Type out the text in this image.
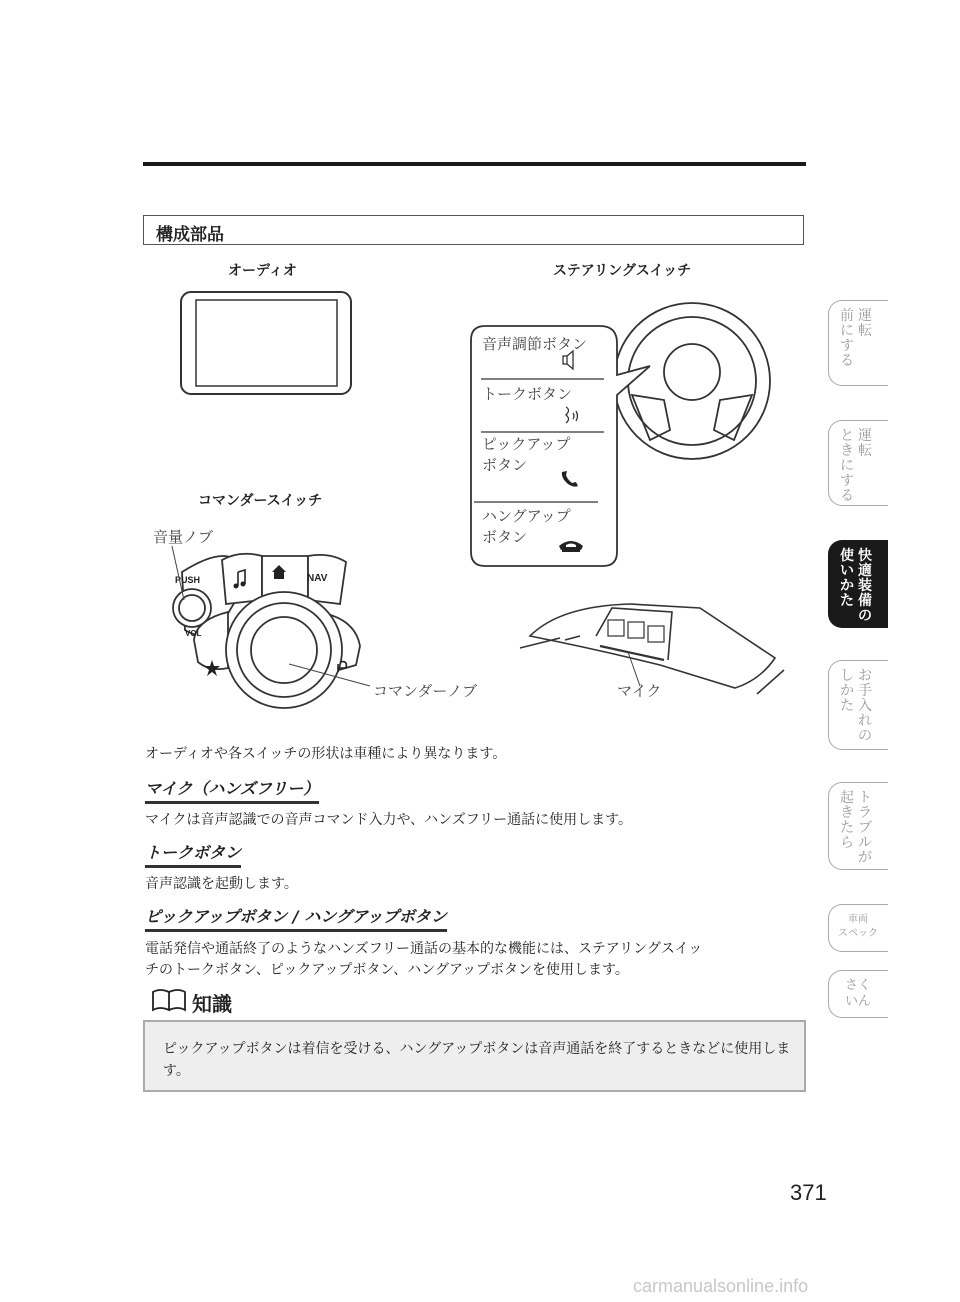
構成部品
オーディオ	ステアリングスイッチ
コマンダースイッチ
音量ノブ
コマンダーノブ	マイク
PUSH
VOL
NAV
音声調節ボタン
トークボタン
ピックアップ
ボタン
ハングアップ
ボタン
オーディオや各スイッチの形状は車種により異なります。
マイク（ハンズフリー）
マイクは音声認識での音声コマンド入力や、ハンズフリー通話に使用します。
トークボタン
音声認識を起動します。
ピックアップボタン / ハングアップボタン
電話発信や通話終了のようなハンズフリー通話の基本的な機能には、ステアリングスイッ
チのトークボタン、ピックアップボタン、ハングアップボタンを使用します。
知識

ピックアップボタンは着信を受ける、ハングアップボタンは音声通話を終了するときなどに使用します。

運転
前にする
運転
ときにする
快適装備の
使いかた
お手入れの
しかた
トラブルが
起きたら
車両
スペック
さく
いん
371
carmanualsonline.info
